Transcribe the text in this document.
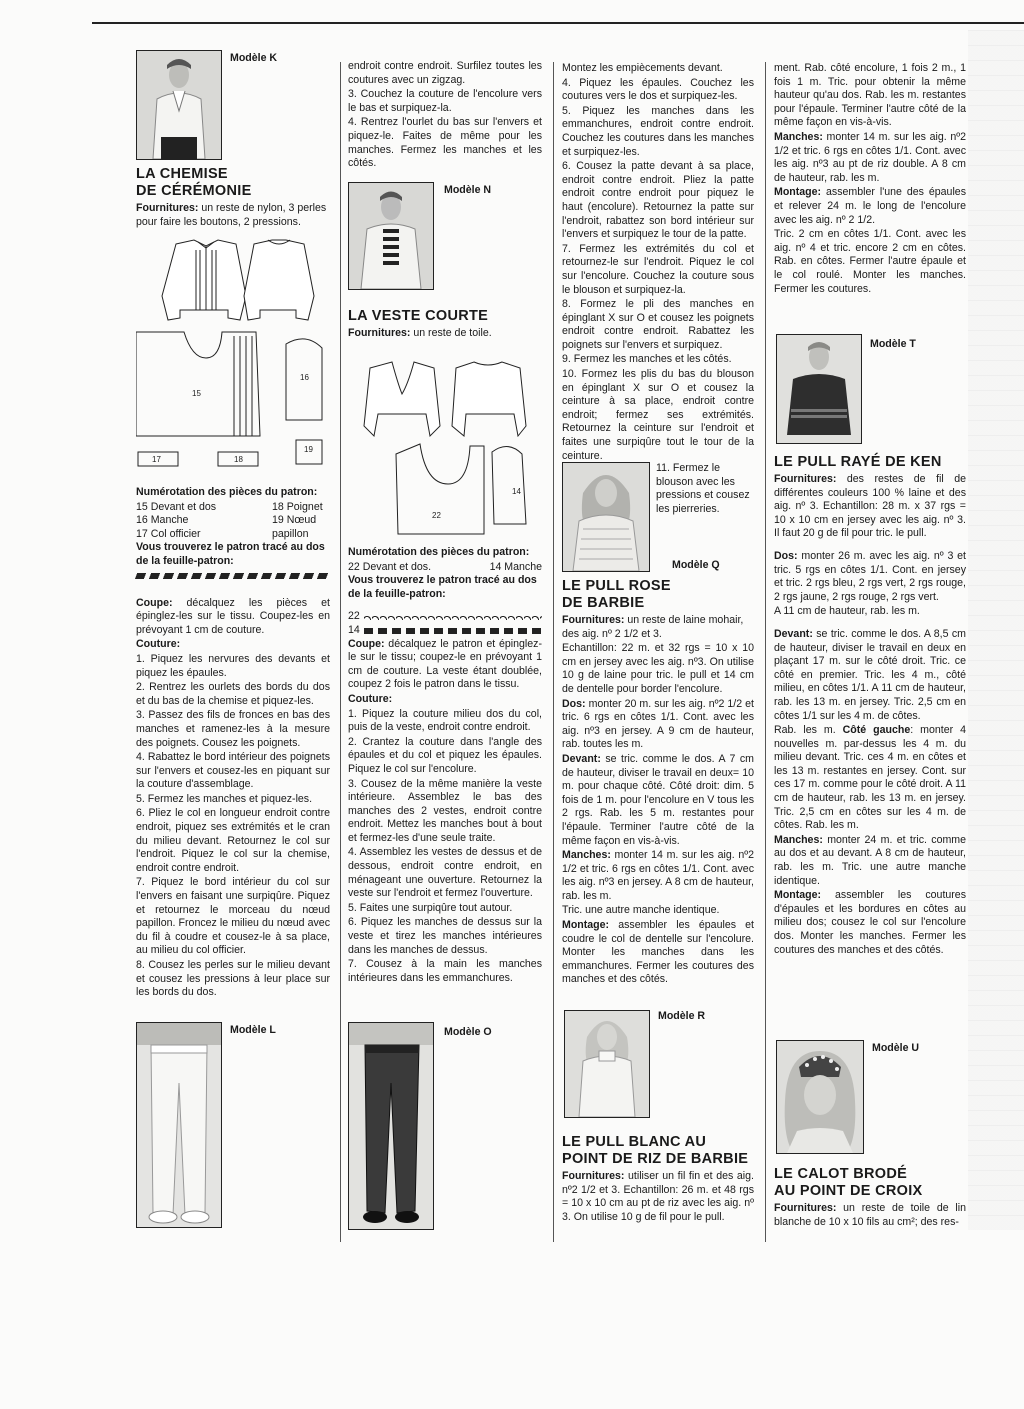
Modèle K
LA CHEMISE
DE CÉRÉMONIE

Fournitures: un reste de nylon, 3 perles pour faire les boutons, 2 pressions.

15
16
17	18
19

Numérotation des pièces du patron:

15 Devant et dos
16 Manche
17 Col officier
18 Poignet
19 Nœud
papillon

Vous trouverez le patron tracé au dos de la feuille-patron:

Coupe: décalquez les pièces et épinglez-les sur le tissu. Coupez-les en prévoyant 1 cm de couture.

Couture:

1. Piquez les nervures des devants et piquez les épaules.

2. Rentrez les ourlets des bords du dos et du bas de la chemise et piquez-les.

3. Passez des fils de fronces en bas des manches et ramenez-les à la mesure des poignets. Cousez les poignets.

4. Rabattez le bord intérieur des poignets sur l'envers et cousez-les en piquant sur la couture d'assemblage.

5. Fermez les manches et piquez-les.

6. Pliez le col en longueur endroit contre endroit, piquez ses extrémités et le cran du milieu devant. Retournez le col sur l'endroit. Piquez le col sur la chemise, endroit contre endroit.

7. Piquez le bord intérieur du col sur l'envers en faisant une surpiqûre. Piquez et retournez le morceau du nœud papillon. Froncez le milieu du nœud avec du fil à coudre et cousez-le à sa place, au milieu du col officier.

8. Cousez les perles sur le milieu devant et cousez les pressions à leur place sur les bords du dos.

Modèle L

endroit contre endroit. Surfilez toutes les coutures avec un zigzag.

3. Couchez la couture de l'encolure vers le bas et surpiquez-la.

4. Rentrez l'ourlet du bas sur l'envers et piquez-le. Faites de même pour les manches. Fermez les manches et les côtés.

Modèle N
LA VESTE COURTE

Fournitures: un reste de toile.

22
14

Numérotation des pièces du patron:

22 Devant et dos.	14 Manche

Vous trouverez le patron tracé au dos de la feuille-patron:

22
14

Coupe: décalquez le patron et épinglez-le sur le tissu; coupez-le en prévoyant 1 cm de couture. La veste étant doublée, coupez 2 fois le patron dans le tissu.

Couture:

1. Piquez la couture milieu dos du col, puis de la veste, endroit contre endroit.

2. Crantez la couture dans l'angle des épaules et du col et piquez les épaules. Piquez le col sur l'encolure.

3. Cousez de la même manière la veste intérieure. Assemblez le bas des manches des 2 vestes, endroit contre endroit. Mettez les manches bout à bout et fermez-les d'une seule traite.

4. Assemblez les vestes de dessus et de dessous, endroit contre endroit, en ménageant une ouverture. Retournez la veste sur l'endroit et fermez l'ouverture.

5. Faites une surpiqûre tout autour.

6. Piquez les manches de dessus sur la veste et tirez les manches intérieures dans les manches de dessus.

7. Cousez à la main les manches intérieures dans les emmanchures.

Modèle O

Montez les empiècements devant.

4. Piquez les épaules. Couchez les coutures vers le dos et surpiquez-les.

5. Piquez les manches dans les emmanchures, endroit contre endroit. Couchez les coutures dans les manches et surpiquez-les.

6. Cousez la patte devant à sa place, endroit contre endroit. Pliez la patte endroit contre endroit pour piquez le haut (encolure). Retournez la patte sur l'endroit, rabattez son bord intérieur sur l'envers et surpiquez le tour de la patte.

7. Fermez les extrémités du col et retournez-le sur l'endroit. Piquez le col sur l'encolure. Couchez la couture sous le blouson et surpiquez-la.

8. Formez le pli des manches en épinglant X sur O et cousez les poignets endroit contre endroit. Rabattez les poignets sur l'envers et surpiquez.

9. Fermez les manches et les côtés.

10. Formez les plis du bas du blouson en épinglant X sur O et cousez la ceinture à sa place, endroit contre endroit; fermez ses extrémités. Retournez la ceinture sur l'endroit et faites une surpiqûre tout le tour de la ceinture.

11. Fermez le blouson avec les pressions et cousez les pierreries.

Modèle Q
LE PULL ROSE
DE BARBIE

Fournitures: un reste de laine mohair, des aig. nº 2 1/2 et 3.

Echantillon: 22 m. et 32 rgs = 10 x 10 cm en jersey avec les aig. nº3. On utilise 10 g de laine pour tric. le pull et 14 cm de dentelle pour border l'encolure.

Dos: monter 20 m. sur les aig. nº2 1/2 et tric. 6 rgs en côtes 1/1. Cont. avec les aig. nº3 en jersey. A 9 cm de hauteur, rab. toutes les m.

Devant: se tric. comme le dos. A 7 cm de hauteur, diviser le travail en deux= 10 m. pour chaque côté. Côté droit: dim. 5 fois de 1 m. pour l'encolure en V tous les 2 rgs. Rab. les 5 m. restantes pour l'épaule. Terminer l'autre côté de la même façon en vis-à-vis.

Manches: monter 14 m. sur les aig. nº2 1/2 et tric. 6 rgs en côtes 1/1. Cont. avec les aig. nº3 en jersey. A 8 cm de hauteur, rab. les m.

Tric. une autre manche identique.

Montage: assembler les épaules et coudre le col de dentelle sur l'encolure. Monter les manches dans les emmanchures. Fermer les coutures des manches et des côtés.

Modèle R
LE PULL BLANC AU
POINT DE RIZ DE BARBIE

Fournitures: utiliser un fil fin et des aig. nº2 1/2 et 3. Echantillon: 26 m. et 48 rgs = 10 x 10 cm au pt de riz avec les aig. nº 3. On utilise 10 g de fil pour le pull.

ment. Rab. côté encolure, 1 fois 2 m., 1 fois 1 m. Tric. pour obtenir la même hauteur qu'au dos. Rab. les m. restantes pour l'épaule. Terminer l'autre côté de la même façon en vis-à-vis.

Manches: monter 14 m. sur les aig. nº2 1/2 et tric. 6 rgs en côtes 1/1. Cont. avec les aig. nº3 au pt de riz double. A 8 cm de hauteur, rab. les m.

Montage: assembler l'une des épaules et relever 24 m. le long de l'encolure avec les aig. nº 2 1/2.

Tric. 2 cm en côtes 1/1. Cont. avec les aig. nº 4 et tric. encore 2 cm en côtes. Rab. en côtes. Fermer l'autre épaule et le col roulé. Monter les manches. Fermer les coutures.

Modèle T
LE PULL RAYÉ DE KEN

Fournitures: des restes de fil de différentes couleurs 100 % laine et des aig. nº 3. Echantillon: 28 m. x 37 rgs = 10 x 10 cm en jersey avec les aig. nº 3. Il faut 20 g de fil pour tric. le pull.

Dos: monter 26 m. avec les aig. nº 3 et tric. 5 rgs en côtes 1/1. Cont. en jersey et tric. 2 rgs bleu, 2 rgs vert, 2 rgs rouge, 2 rgs jaune, 2 rgs rouge, 2 rgs vert.

A 11 cm de hauteur, rab. les m.

Devant: se tric. comme le dos. A 8,5 cm de hauteur, diviser le travail en deux en plaçant 17 m. sur le côté droit. Tric. ce côté en premier. Tric. les 4 m., côté milieu, en côtes 1/1. A 11 cm de hauteur, rab. les 13 m. en jersey. Tric. 2,5 cm en côtes 1/1 sur les 4 m. de côtes.

Rab. les m. Côté gauche: monter 4 nouvelles m. par-dessus les 4 m. du milieu devant. Tric. ces 4 m. en côtes et les 13 m. restantes en jersey. Cont. sur ces 17 m. comme pour le côté droit. A 11 cm de hauteur, rab. les 13 m. en jersey. Tric. 2,5 cm en côtes sur les 4 m. de côtes. Rab. les m.

Manches: monter 24 m. et tric. comme au dos et au devant. A 8 cm de hauteur, rab. les m. Tric. une autre manche identique.

Montage: assembler les coutures d'épaules et les bordures en côtes au milieu dos; cousez le col sur l'encolure dos. Monter les manches. Fermer les coutures des manches et des côtés.

Modèle U
LE CALOT BRODÉ
AU POINT DE CROIX

Fournitures: un reste de toile de lin blanche de 10 x 10 fils au cm²; des res-
